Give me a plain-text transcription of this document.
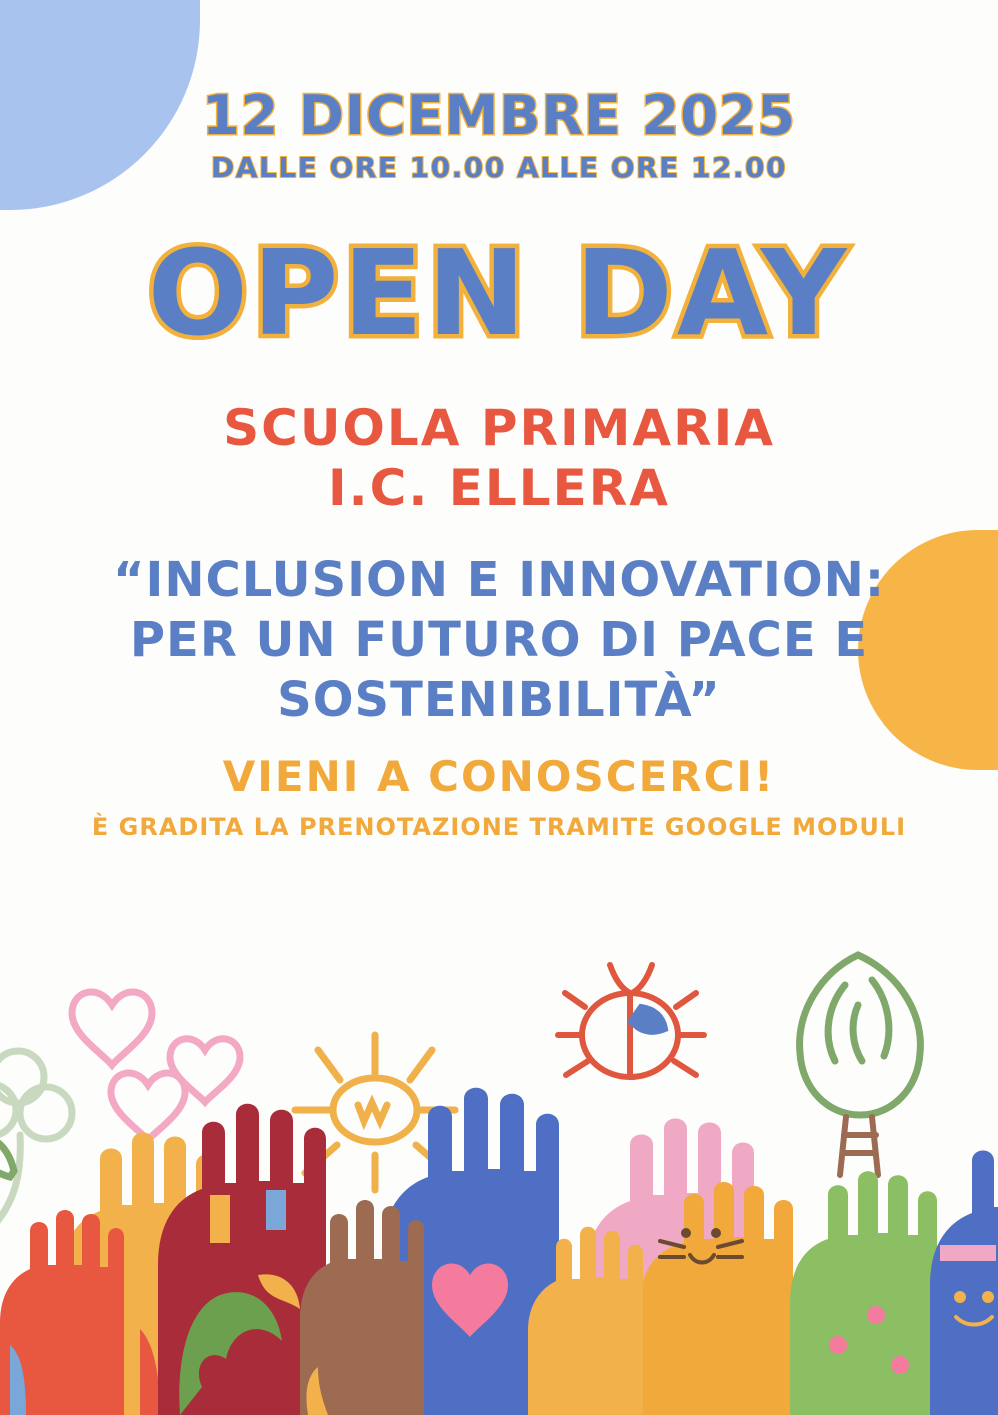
12 DICEMBRE 2025

DALLE ORE 10.00 ALLE ORE 12.00

OPEN DAY

SCUOLA PRIMARIA

I.C. ELLERA

“INCLUSION E INNOVATION:

PER UN FUTURO DI PACE E

SOSTENIBILITÀ”

VIENI A CONOSCERCI!

È GRADITA LA PRENOTAZIONE TRAMITE GOOGLE MODULI
